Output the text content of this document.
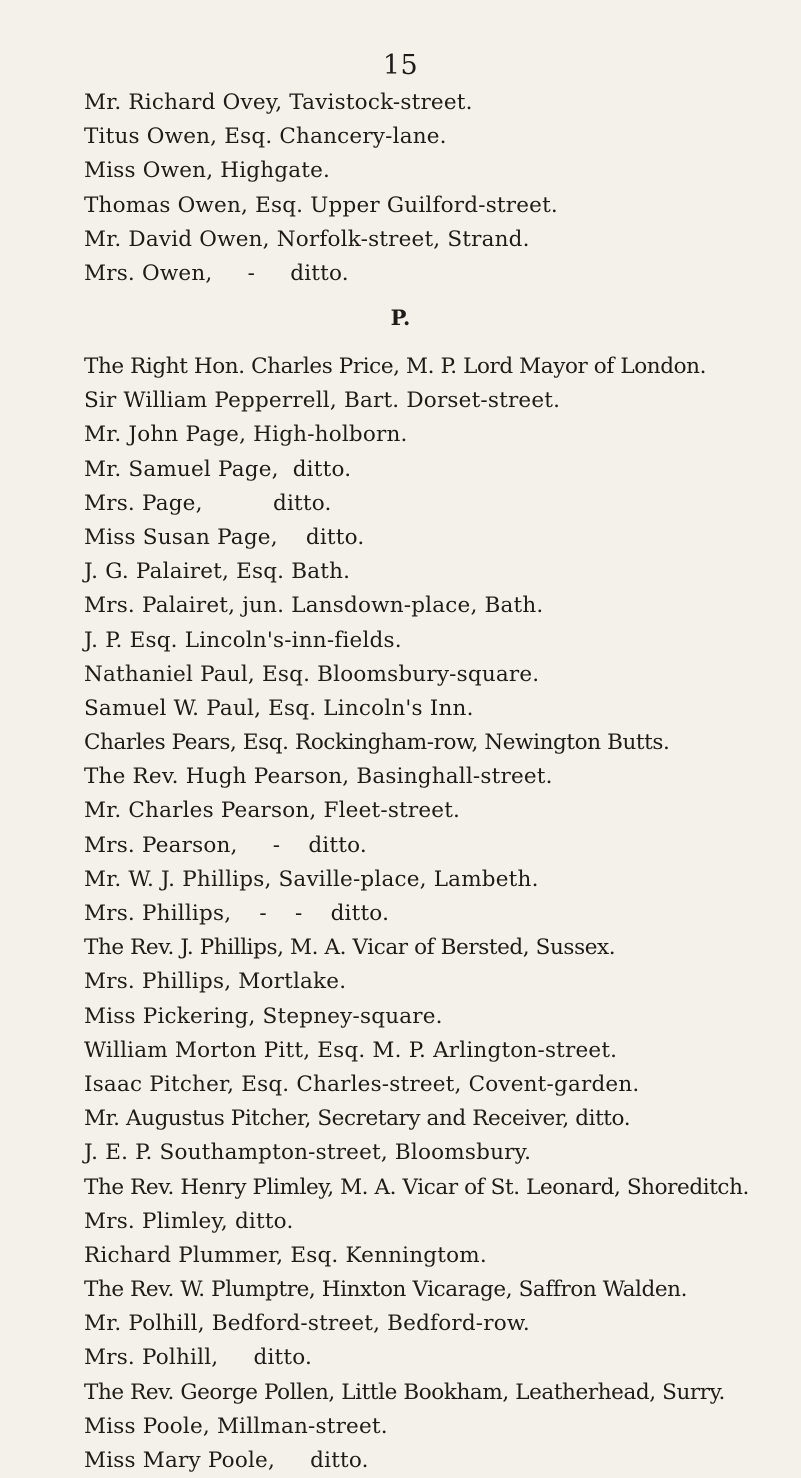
15
Mr. Richard Ovey, Tavistock-street.
Titus Owen, Esq. Chancery-lane.
Miss Owen, Highgate.
Thomas Owen, Esq. Upper Guilford-street.
Mr. David Owen, Norfolk-street, Strand.
Mrs. Owen,     -     ditto.
The Right Hon. Charles Price, M. P. Lord Mayor of London.
Sir William Pepperrell, Bart. Dorset-street.
Mr. John Page, High-holborn.
Mr. Samuel Page,  ditto.
Mrs. Page,          ditto.
Miss Susan Page,    ditto.
J. G. Palairet, Esq. Bath.
Mrs. Palairet, jun. Lansdown-place, Bath.
J. P. Esq. Lincoln's-inn-fields.
Nathaniel Paul, Esq. Bloomsbury-square.
Samuel W. Paul, Esq. Lincoln's Inn.
Charles Pears, Esq. Rockingham-row, Newington Butts.
The Rev. Hugh Pearson, Basinghall-street.
Mr. Charles Pearson, Fleet-street.
Mrs. Pearson,     -    ditto.
Mr. W. J. Phillips, Saville-place, Lambeth.
Mrs. Phillips,    -    -    ditto.
The Rev. J. Phillips, M. A. Vicar of Bersted, Sussex.
Mrs. Phillips, Mortlake.
Miss Pickering, Stepney-square.
William Morton Pitt, Esq. M. P. Arlington-street.
Isaac Pitcher, Esq. Charles-street, Covent-garden.
Mr. Augustus Pitcher, Secretary and Receiver, ditto.
J. E. P. Southampton-street, Bloomsbury.
The Rev. Henry Plimley, M. A. Vicar of St. Leonard, Shoreditch.
Mrs. Plimley, ditto.
Richard Plummer, Esq. Kenningtom.
The Rev. W. Plumptre, Hinxton Vicarage, Saffron Walden.
Mr. Polhill, Bedford-street, Bedford-row.
Mrs. Polhill,     ditto.
The Rev. George Pollen, Little Bookham, Leatherhead, Surry.
Miss Poole, Millman-street.
Miss Mary Poole,     ditto.
P.
